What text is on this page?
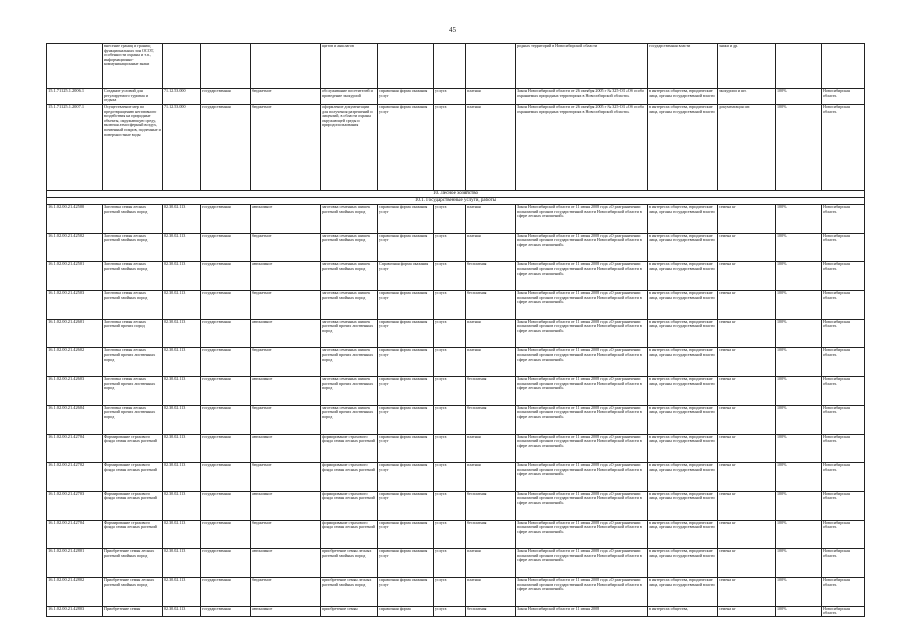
45
	внесение границ и гранищ функциональных зон ОСОТ, особенности охраны и т.п., информационно-коммуникационные знаки				щитов и аншлагов				родных территорий в Новосибирской области	государственная власти	знаки и др.		
15.1.71125.1.2006.1	Создание условий для регулируемого туризма и отдыха	71.12.53.000	государственная	бюджетное	обслуживание посетителей и проведение экскурсий	справочная форма оказания услуг	услуга	платная	Закон Новосибирской области от 26 октября 2005 г № 325-ОЗ «Об особо охраняемых природных территориях в Новосибирской области»	в интересах общества, юридические лица, органы государственной власти	экскурсии и шт.	100%	Новосибирская область
15.1.71125.1.2007.1	Осуществление мер по предотвращению негативного воздействия на природные объекты, окружающую среду, включая атмосферный воздух, почвенный покров, подземные и поверхностные воды	71.12.53.000	государственная	бюджетное	оформление документации для получения разрешений и лицензий, в области охраны окружающей среды и природопользования	справочная форма оказания услуг	услуга	платная	Закон Новосибирской области от 26 октября 2005 г № 325-ОЗ «Об особо охраняемых природных территориях в Новосибирской области»	в интересах общества, юридические лица, органы государственной власти	документация шт.	100%	Новосибирская область
10. Лесное хозяйство													
10.1. Государственные услуги, работы													
16.1.02.00.21.42500	Заготовка семян лесных растений хвойных пород	02.30.02.113	государственная	автономное	заготовка семенных шишек растений хвойных пород	справочная форма оказания услуг	услуга	платная	Закон Новосибирской области от 11 июня 2008 года «О разграничении полномочий органов государственной власти Новосибирской области в сфере лесных отношений»	в интересах общества, юридические лица, органы государственной власти	семена кг	100%	Новосибирская область
16.1.02.00.21.42502	Заготовка семян лесных растений хвойных пород	02.30.02.113	государственная	бюджетное	заготовка семенных шишек растений хвойных пород	справочная форма оказания услуг	услуга	платная	Закон Новосибирской области от 11 июня 2008 года «О разграничении полномочий органов государственной власти Новосибирской области в сфере лесных отношений»	в интересах общества, юридические лица, органы государственной власти	семена кг	100%	Новосибирская область
16.1.02.00.21.42501	Заготовка семян лесных растений хвойных пород	02.30.02.113	государственная	автономное	заготовка семенных шишек растений хвойных пород	Справочная форма оказания услуг	услуга	бесплатная	Закон Новосибирской области от 11 июня 2008 года «О разграничении полномочий органов государственной власти Новосибирской области в сфере лесных отношений»	в интересах общества, юридические лица, органы государственной власти	семена кг	100%	Новосибирская область
16.1.02.00.21.42503	Заготовка семян лесных растений хвойных пород	02.30.02.113	государственная	бюджетное	заготовка семенных шишек растений хвойных пород	справочная форма оказания услуг	услуга	бесплатная	Закон Новосибирской области от 11 июня 2008 года «О разграничении полномочий органов государственной власти Новосибирской области в сфере лесных отношений»	в интересах общества, юридические лица, органы государственной власти	семена кг	100%	Новосибирская область
16.1.02.00.21.42601	Заготовка семян лесных растений прочих пород	02.30.02.113	государственная	автономное	заготовка семенных шишек растений прочих лиственных пород	справочная форма оказания услуг	услуга	платная	Закон Новосибирской области от 11 июня 2008 года «О разграничении полномочий органов государственной власти Новосибирской области в сфере лесных отношений»	в интересах общества, юридические лица, органы государственной власти	семена кг	100%	Новосибирская область
16.1.02.00.21.42602	Заготовка семян лесных растений прочих лиственных пород	02.30.02.113	государственная	бюджетное	заготовка семенных шишек растений прочих лиственных пород	справочная форма оказания услуг	услуга	платная	Закон Новосибирской области от 11 июня 2008 года «О разграничении полномочий органов государственной власти Новосибирской области в сфере лесных отношений»	в интересах общества, юридические лица, органы государственной власти	семена кг	100%	Новосибирская область
16.1.02.00.21.42603	Заготовка семян лесных растений прочих лиственных пород	02.30.02.113	государственная	автономное	заготовка семенных шишек растений прочих лиственных пород	справочная форма оказания услуг	услуга	бесплатная	Закон Новосибирской области от 11 июня 2008 года «О разграничении полномочий органов государственной власти Новосибирской области в сфере лесных отношений»	в интересах общества, юридические лица, органы государственной власти	семена кг	100%	Новосибирская область
16.1.02.00.21.42604	Заготовка семян лесных растений прочих лиственных пород	02.30.02.113	государственная	бюджетное	заготовка семенных шишек растений прочих лиственных пород	справочная форма оказания услуг	услуга	бесплатная	Закон Новосибирской области от 11 июня 2008 года «О разграничении полномочий органов государственной власти Новосибирской области в сфере лесных отношений»	в интересах общества, юридические лица, органы государственной власти	семена кг	100%	Новосибирская область
16.1.02.00.21.42704	Формирование страхового фонда семян лесных растений	02.30.02.113	государственная	автономное	формирование страхового фонда семян лесных растений	справочная форма оказания услуг	услуга	платная	Закон Новосибирской области от 11 июня 2008 года «О разграничении полномочий органов государственной власти Новосибирской области в сфере лесных отношений»	в интересах общества, юридические лица, органы государственной власти	семена кг	100%	Новосибирская область
16.1.02.00.21.42702	Формирование страхового фонда семян лесных растений	02.30.02.113	государственная	бюджетное	формирование страхового фонда семян лесных растений	справочная форма оказания услуг	услуга	платная	Закон Новосибирской области от 11 июня 2008 года «О разграничении полномочий органов государственной власти Новосибирской области в сфере лесных отношений»	в интересах общества, юридические лица, органы государственной власти	семена кг	100%	Новосибирская область
16.1.02.00.21.42703	Формирование страхового фонда семян лесных растений	02.30.02.113	государственная	автономное	формирование страхового фонда семян лесных растений	справочная форма оказания услуг	услуга	бесплатная	Закон Новосибирской области от 11 июня 2008 года «О разграничении полномочий органов государственной власти Новосибирской области в сфере лесных отношений»	в интересах общества, юридические лица, органы государственной власти	семена кг	100%	Новосибирская область
16.1.02.00.21.42704	Формирование страхового фонда семян лесных растений	02.30.02.113	государственная	бюджетное	формирование страхового фонда семян лесных растений	справочная форма оказания услуг	услуга	бесплатная	Закон Новосибирской области от 11 июня 2008 года «О разграничении полномочий органов государственной власти Новосибирской области в сфере лесных отношений»	в интересах общества, юридические лица, органы государственной власти	семена кг	100%	Новосибирская область
16.1.02.00.21.42801	Приобретение семян лесных растений хвойных пород	02.30.02.113	государственная	автономное	приобретение семян лесных растений хвойных пород	справочная форма оказания услуг	услуга	платная	Закон Новосибирской области от 11 июня 2008 года «О разграничении полномочий органов государственной власти Новосибирской области в сфере лесных отношений»	в интересах общества, юридические лица, органы государственной власти	семена кг	100%	Новосибирская область
16.1.02.00.21.42802	Приобретение семян лесных растений хвойных пород	02.30.02.113	государственная	бюджетное	приобретение семян лесных растений хвойных пород	справочная форма оказания услуг	услуга	платная	Закон Новосибирской области от 11 июня 2008 года «О разграничении полномочий органов государственной власти Новосибирской области в сфере лесных отношений»	в интересах общества, юридические лица, органы государственной власти	семена кг	100%	Новосибирская область
16.1.02.00.21.42803	Приобретение семян	02.30.02.113	государственная	автономное	приобретение семян	справочная форма	услуга	бесплатная	Закон Новосибирской области от 11 июня 2008	в интересах общества,	семена кг	100%	Новосибирская область
